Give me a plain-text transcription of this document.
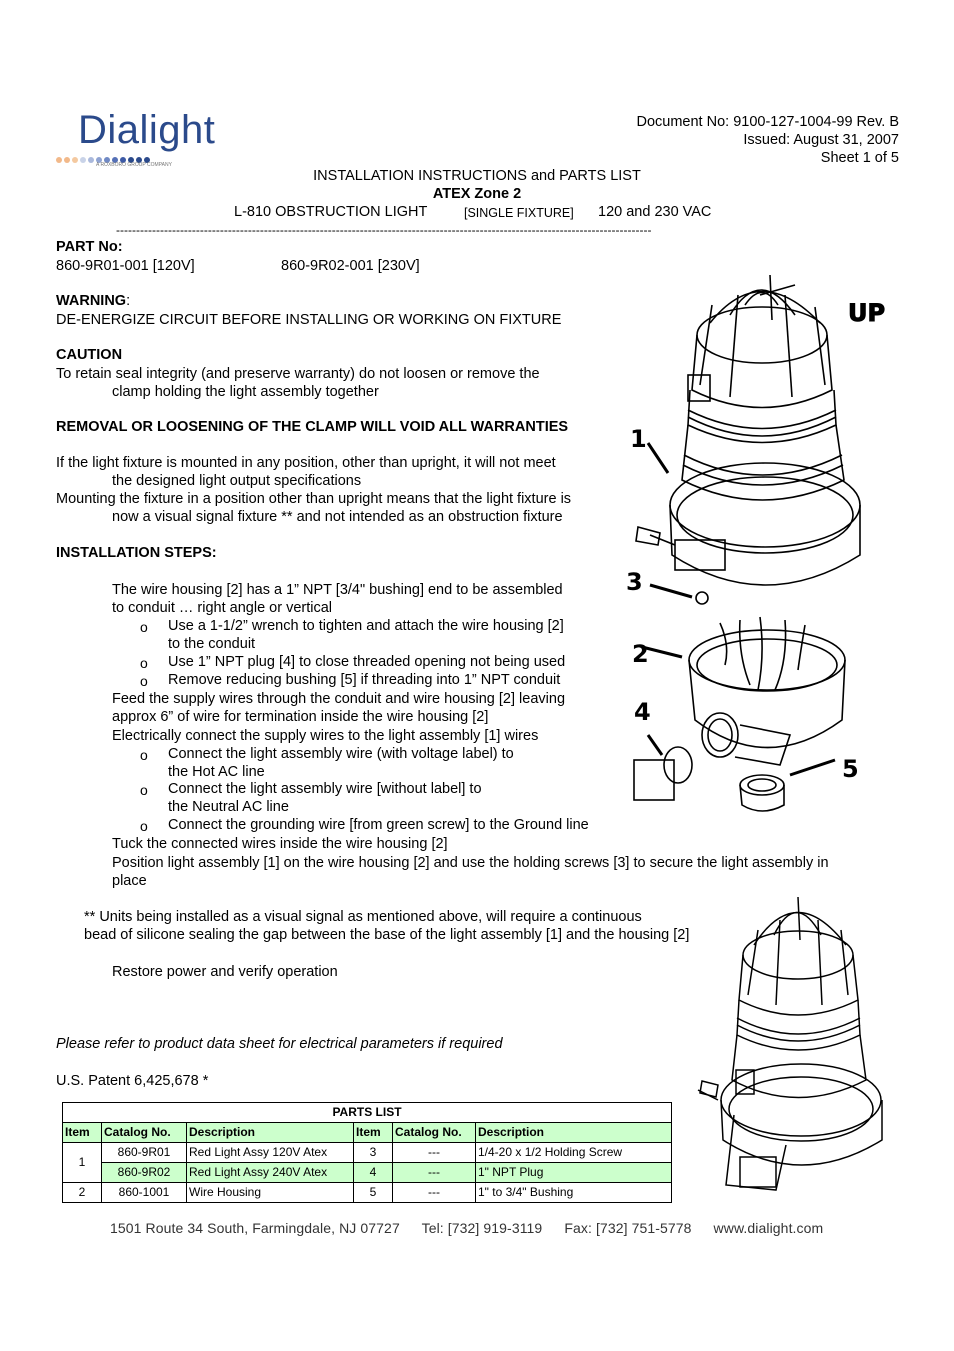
Dialight
A ROXBORO GROUP COMPANY
Document No: 9100-127-1004-99 Rev. B
Issued: August 31, 2007
Sheet 1 of 5
INSTALLATION INSTRUCTIONS and PARTS LIST
ATEX Zone 2
L-810 OBSTRUCTION LIGHT	[SINGLE FIXTURE] 120 and 230 VAC
--------------------------------------------------------------------------------------------------------------------------------------
PART No:
860-9R01-001 [120V]	860-9R02-001 [230V]
WARNING:
DE-ENERGIZE CIRCUIT BEFORE INSTALLING OR WORKING ON FIXTURE
CAUTION
To retain seal integrity (and preserve warranty) do not loosen or remove the
clamp holding the light assembly together
REMOVAL OR LOOSENING OF THE CLAMP WILL VOID ALL WARRANTIES
If the light fixture is mounted in any position, other than upright, it will not meet
the designed light output specifications
Mounting the fixture in a position other than upright means that the light fixture is
now a visual signal fixture ** and not intended as an obstruction fixture
INSTALLATION STEPS:
The wire housing [2] has a 1” NPT [3/4" bushing] end to be assembled
to conduit … right angle or vertical
o Use a 1-1/2” wrench to tighten and attach the wire housing [2]
to the conduit
o Use 1” NPT plug [4] to close threaded opening not being used
o Remove reducing bushing [5] if threading into 1” NPT conduit
Feed the supply wires through the conduit and wire housing [2] leaving
approx 6” of wire for termination inside the wire housing [2]
Electrically connect the supply wires to the light assembly [1] wires
o Connect the light assembly wire (with voltage label) to
the Hot AC line
o Connect the light assembly wire [without label] to
the Neutral AC line
o Connect the grounding wire [from green screw] to the Ground line
Tuck the connected wires inside the wire housing [2]
Position light assembly [1] on the wire housing [2] and use the holding screws [3] to secure the light assembly in
place
** Units being installed as a visual signal as mentioned above, will require a continuous
bead of silicone sealing the gap between the base of the light assembly [1] and the housing [2]
Restore power and verify operation
Please refer to product data sheet for electrical parameters if required
U.S. Patent 6,425,678 *
UP
1
3
2
4
5
PARTS LIST					
Item	Catalog No.	Description	Item	Catalog No.	Description
1	860-9R01	Red Light Assy 120V Atex	3	---	1/4-20 x 1/2 Holding Screw
	860-9R02	Red Light Assy 240V Atex	4	---	1" NPT Plug
2	860-1001	Wire Housing	5	---	1" to 3/4" Bushing
1501 Route 34 South, Farmingdale, NJ 07727 Tel: [732] 919-3119 Fax: [732] 751-5778 www.dialight.com
